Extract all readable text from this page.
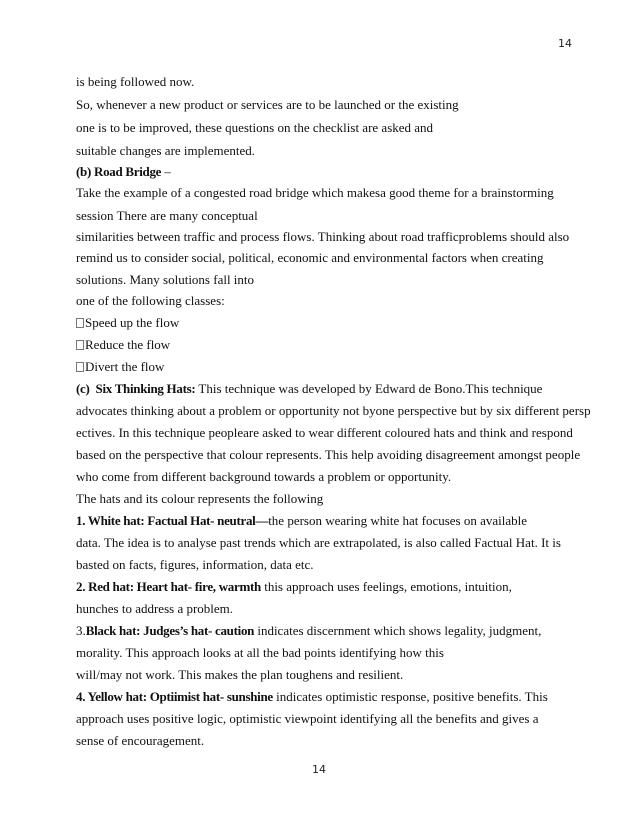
14
is being followed now.
So, whenever a new product or services are to be launched or the existing
one is to be improved, these questions on the checklist are asked and
suitable changes are implemented.
(b) Road Bridge –
Take the example of a congested road bridge which makesa good theme for a brainstorming
session There are many conceptual
similarities between traffic and process flows. Thinking about road trafficproblems should also
remind us to consider social, political, economic and environmental factors when creating
solutions. Many solutions fall into
one of the following classes:
Speed up the flow
Reduce the flow
Divert the flow
(c) Six Thinking Hats: This technique was developed by Edward de Bono.This technique
advocates thinking about a problem or opportunity not byone perspective but by six different persp
ectives. In this technique peopleare asked to wear different coloured hats and think and respond
based on the perspective that colour represents. This help avoiding disagreement amongst people
who come from different background towards a problem or opportunity.
The hats and its colour represents the following
1. White hat: Factual Hat- neutral—the person wearing white hat focuses on available
data. The idea is to analyse past trends which are extrapolated, is also called Factual Hat. It is
basted on facts, figures, information, data etc.
2. Red hat: Heart hat- fire, warmth this approach uses feelings, emotions, intuition,
hunches to address a problem.
3.Black hat: Judges’s hat- caution indicates discernment which shows legality, judgment,
morality. This approach looks at all the bad points identifying how this
will/may not work. This makes the plan toughens and resilient.
4. Yellow hat: Optiimist hat- sunshine indicates optimistic response, positive benefits. This
approach uses positive logic, optimistic viewpoint identifying all the benefits and gives a
sense of encouragement.
14
